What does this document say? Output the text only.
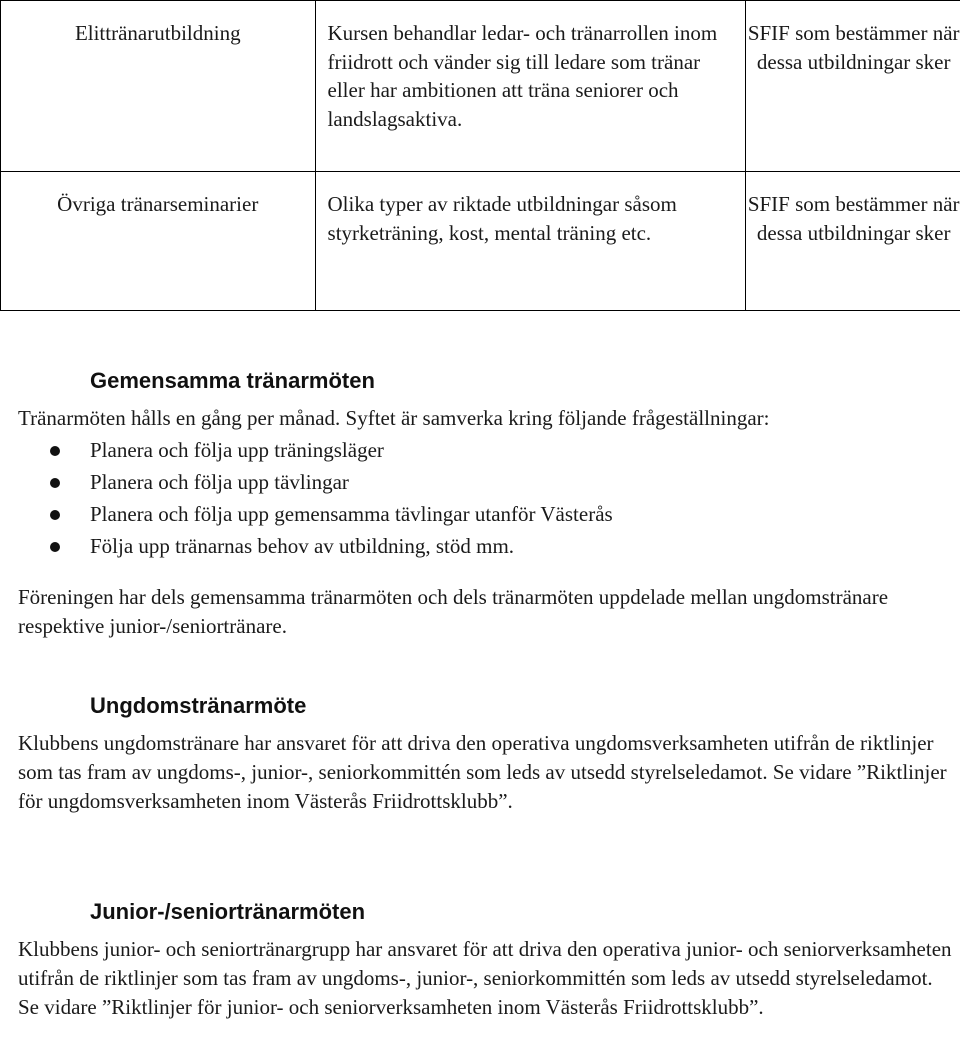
Elittränarutbildning	Kursen behandlar ledar- och tränarrollen inom friidrott och vänder sig till ledare som tränar eller har ambitionen att träna seniorer och landslagsaktiva.	SFIF som bestämmer när dessa utbildningar sker
Övriga tränarseminarier	Olika typer av riktade utbildningar såsom styrketräning, kost, mental träning etc.	SFIF som bestämmer när dessa utbildningar sker
Gemensamma tränarmöten

Tränarmöten hålls en gång per månad. Syftet är samverka kring följande frågeställningar:

Planera och följa upp träningsläger
Planera och följa upp tävlingar
Planera och följa upp gemensamma tävlingar utanför Västerås
Följa upp tränarnas behov av utbildning, stöd mm.

Föreningen har dels gemensamma tränarmöten och dels tränarmöten uppdelade mellan ungdomstränare respektive junior-/seniortränare.

Ungdomstränarmöte

Klubbens ungdomstränare har ansvaret för att driva den operativa ungdomsverksamheten utifrån de riktlinjer som tas fram av ungdoms-, junior-, seniorkommittén som leds av utsedd styrelseledamot. Se vidare ”Riktlinjer för ungdomsverksamheten inom Västerås Friidrottsklubb”.

Junior-/seniortränarmöten

Klubbens junior- och seniortränargrupp har ansvaret för att driva den operativa junior- och seniorverksamheten utifrån de riktlinjer som tas fram av ungdoms-, junior-, seniorkommittén som leds av utsedd styrelseledamot. Se vidare ”Riktlinjer för junior- och seniorverksamheten inom Västerås Friidrottsklubb”.
